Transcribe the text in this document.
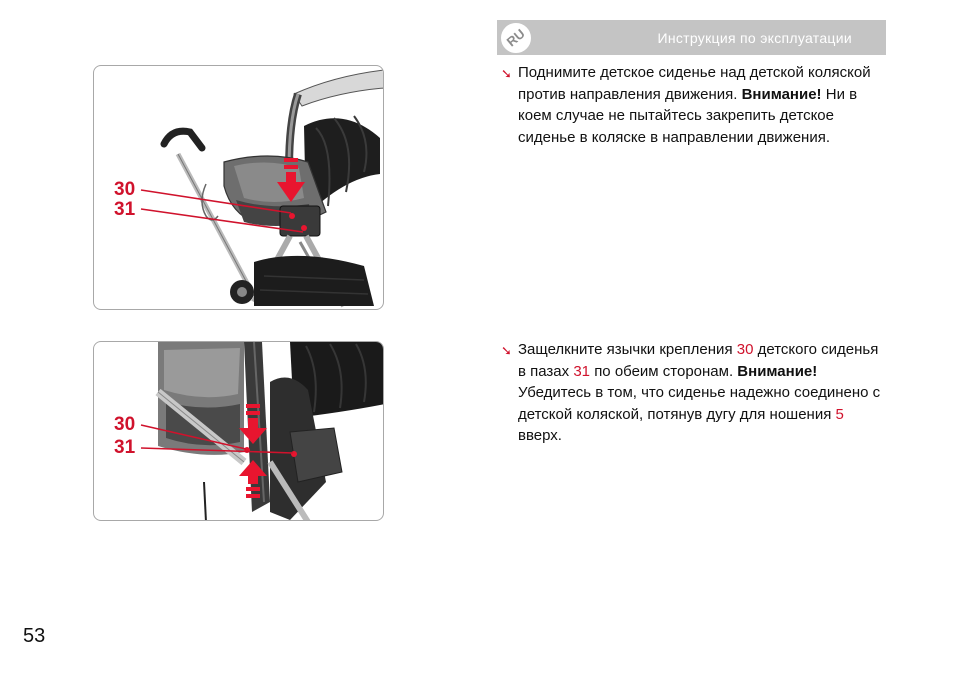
Инструкция по эксплуатации
RU
30
31
30
31

➘ Поднимите детское сиденье над детской коляской против направления движения. Внимание! Ни в коем случае не пытайтесь закрепить детское сиденье в коляске в направлении движения.

➘ Защелкните язычки крепления 30 детского сиденья в пазах 31 по обеим сторонам. Внимание! Убедитесь в том, что сиденье надежно соединено с детской коляской, потянув дугу для ношения 5 вверх.

53
